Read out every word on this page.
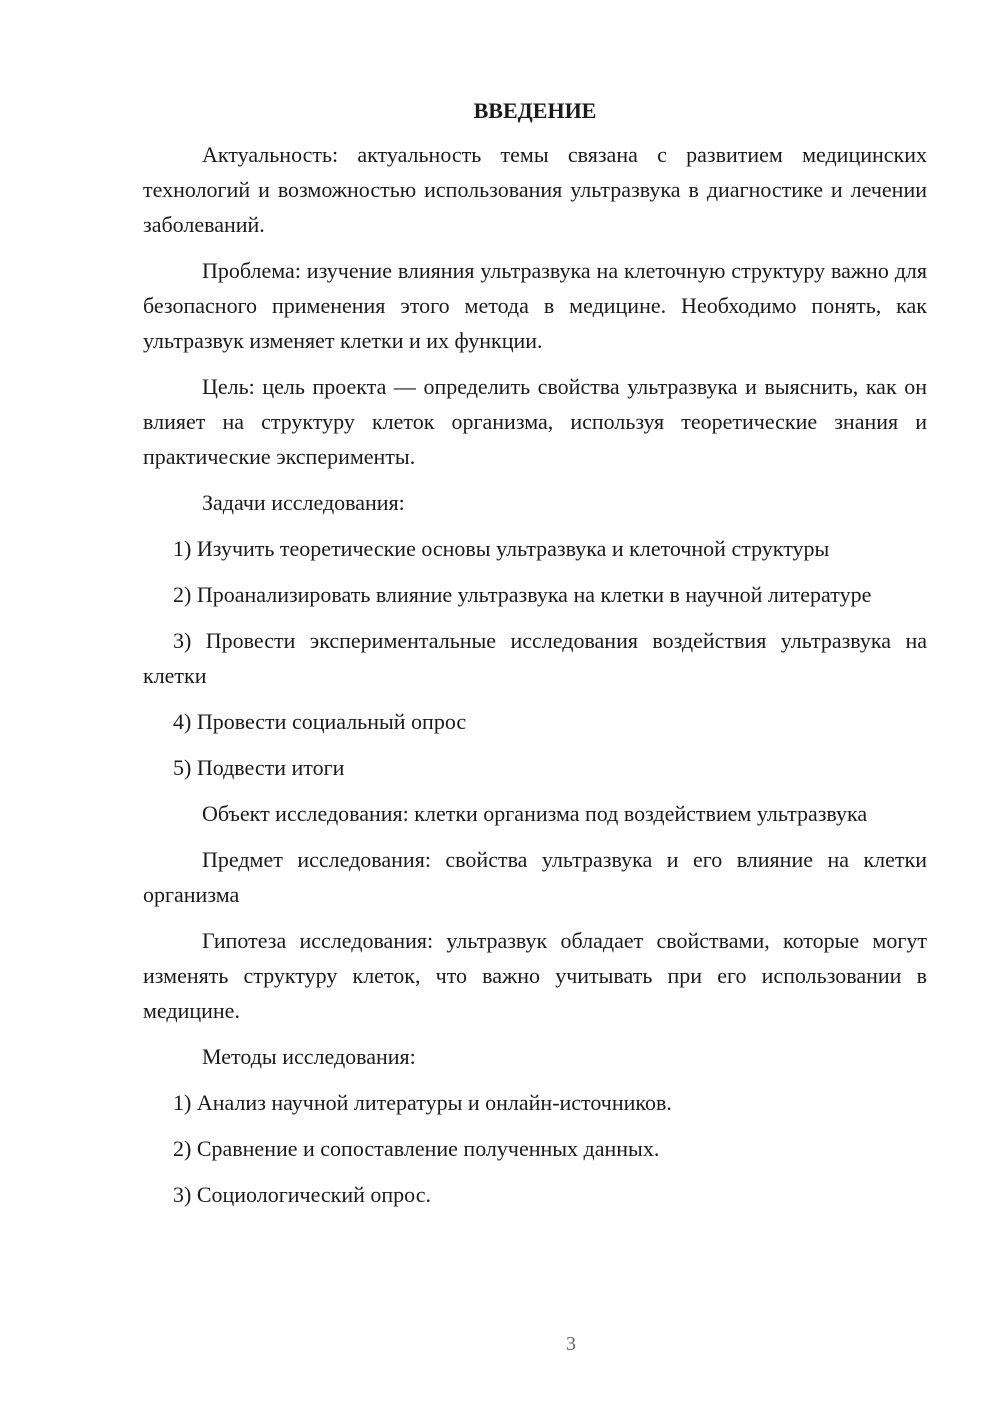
ВВЕДЕНИЕ
Актуальность: актуальность темы связана с развитием медицинских технологий и возможностью использования ультразвука в диагностике и лечении заболеваний.
Проблема: изучение влияния ультразвука на клеточную структуру важно для безопасного применения этого метода в медицине. Необходимо понять, как ультразвук изменяет клетки и их функции.
Цель: цель проекта — определить свойства ультразвука и выяснить, как он влияет на структуру клеток организма, используя теоретические знания и практические эксперименты.
Задачи исследования:
1) Изучить теоретические основы ультразвука и клеточной структуры
2) Проанализировать влияние ультразвука на клетки в научной литературе
3) Провести экспериментальные исследования воздействия ультразвука на клетки
4) Провести социальный опрос
5) Подвести итоги
Объект исследования: клетки организма под воздействием ультразвука
Предмет исследования: свойства ультразвука и его влияние на клетки организма
Гипотеза исследования: ультразвук обладает свойствами, которые могут изменять структуру клеток, что важно учитывать при его использовании в медицине.
Методы исследования:
1) Анализ научной литературы и онлайн-источников.
2) Сравнение и сопоставление полученных данных.
3) Социологический опрос.
3
